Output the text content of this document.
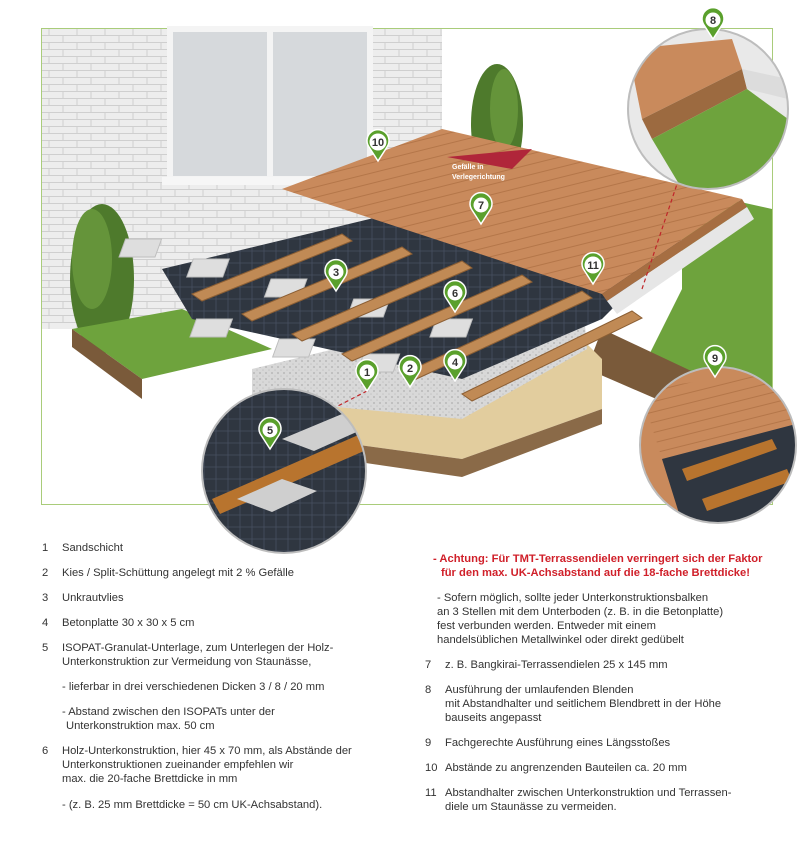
Gefälle in
Verlegerichtung
1	2
3
4
5
6
7
8
9
10
11

1 Sandschicht

2 Kies / Split-Schüttung angelegt mit 2 % Gefälle

3 Unkrautvlies

4 Betonplatte 30 x 30 x 5 cm

5 ISOPAT-Granulat-Unterlage, zum Unterlegen der Holz-
Unterkonstruktion zur Vermeidung von Staunässe,

- lieferbar in drei verschiedenen Dicken 3 / 8 / 20 mm

- Abstand zwischen den ISOPATs unter der
Unterkonstruktion max. 50 cm

6 Holz-Unterkonstruktion, hier 45 x 70 mm, als Abstände der
Unterkonstruktionen zueinander empfehlen wir
max. die 20-fache Brettdicke in mm

- (z. B. 25 mm Brettdicke = 50 cm UK-Achsabstand).

- Achtung: Für TMT-Terrassendielen verringert sich der Faktor
für den max. UK-Achsabstand auf die 18-fache Brettdicke!

- Sofern möglich, sollte jeder Unterkonstruktionsbalken
an 3 Stellen mit dem Unterboden (z. B. in die Betonplatte)
fest verbunden werden. Entweder mit einem
handelsüblichen Metallwinkel oder direkt gedübelt

7 z. B. Bangkirai-Terrassendielen 25 x 145 mm

8 Ausführung der umlaufenden Blenden
mit Abstandhalter und seitlichem Blendbrett in der Höhe
bauseits angepasst

9 Fachgerechte Ausführung eines Längsstoßes

10 Abstände zu angrenzenden Bauteilen ca. 20 mm

11 Abstandhalter zwischen Unterkonstruktion und Terrassen-
diele um Staunässe zu vermeiden.
